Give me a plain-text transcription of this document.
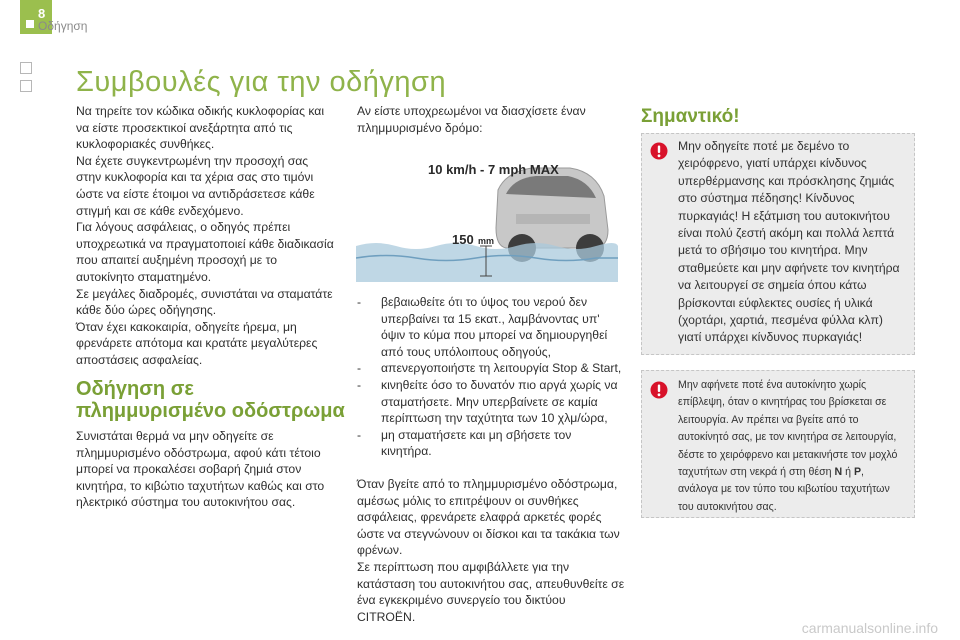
8
Οδήγηση
Συμβουλές για την οδήγηση

Να τηρείτε τον κώδικα οδικής κυκλοφορίας και να είστε προσεκτικοί ανεξάρτητα από τις κυκλοφοριακές συνθήκες.

Να έχετε συγκεντρωμένη την προσοχή σας στην κυκλοφορία και τα χέρια σας στο τιμόνι ώστε να είστε έτοιμοι να αντιδράσετεσε κάθε στιγμή και σε κάθε ενδεχόμενο.

Για λόγους ασφάλειας, ο οδηγός πρέπει υποχρεωτικά να πραγματοποιεί κάθε διαδικασία που απαιτεί αυξημένη προσοχή με το αυτοκίνητο σταματημένο.

Σε μεγάλες διαδρομές, συνιστάται να σταματάτε κάθε δύο ώρες οδήγησης.

Όταν έχει κακοκαιρία, οδηγείτε ήρεμα, μη φρενάρετε απότομα και κρατάτε μεγαλύτερες αποστάσεις ασφαλείας.

Οδήγηση σε

πλημμυρισμένο οδόστρωμα

Συνιστάται θερμά να μην οδηγείτε σε πλημμυρισμένο οδόστρωμα, αφού κάτι τέτοιο μπορεί να προκαλέσει σοβαρή ζημιά στον κινητήρα, το κιβώτιο ταχυτήτων καθώς και στο ηλεκτρικό σύστημα του αυτοκινήτου σας.

Αν είστε υποχρεωμένοι να διασχίσετε έναν πλημμυρισμένο δρόμο:

10 km/h - 7 mph MAX
150 mm
- βεβαιωθείτε ότι το ύψος του νερού δεν υπερβαίνει τα 15 εκατ., λαμβάνοντας υπ' όψιν το κύμα που μπορεί να δημιουργηθεί από τους υπόλοιπους οδηγούς,
- απενεργοποιήστε τη λειτουργία Stop & Start,
- κινηθείτε όσο το δυνατόν πιο αργά χωρίς να σταματήσετε. Μην υπερβαίνετε σε καμία περίπτωση την ταχύτητα των 10 χλμ/ώρα,
- μη σταματήσετε και μη σβήσετε τον κινητήρα.

Όταν βγείτε από το πλημμυρισμένο οδόστρωμα, αμέσως μόλις το επιτρέψουν οι συνθήκες ασφάλειας, φρενάρετε ελαφρά αρκετές φορές ώστε να στεγνώνουν οι δίσκοι και τα τακάκια των φρένων.

Σε περίπτωση που αμφιβάλλετε για την κατάσταση του αυτοκινήτου σας, απευθυνθείτε σε ένα εγκεκριμένο συνεργείο του δικτύου CITROËN.

Σημαντικό!

Μην οδηγείτε ποτέ με δεμένο το χειρόφρενο, γιατί υπάρχει κίνδυνος υπερθέρμανσης και πρόσκλησης ζημιάς στο σύστημα πέδησης! Κίνδυνος πυρκαγιάς! Η εξάτμιση του αυτοκινήτου είναι πολύ ζεστή ακόμη και πολλά λεπτά μετά το σβήσιμο του κινητήρα. Μην σταθμεύετε και μην αφήνετε τον κινητήρα να λειτουργεί σε σημεία όπου κάτω βρίσκονται εύφλεκτες ουσίες ή υλικά (χορτάρι, χαρτιά, πεσμένα φύλλα κλπ) γιατί υπάρχει κίνδυνος πυρκαγιάς!

Μην αφήνετε ποτέ ένα αυτοκίνητο χωρίς επίβλεψη, όταν ο κινητήρας του βρίσκεται σε λειτουργία. Αν πρέπει να βγείτε από το αυτοκίνητό σας, με τον κινητήρα σε λειτουργία, δέστε το χειρόφρενο και μετακινήστε τον μοχλό ταχυτήτων στη νεκρά ή στη θέση N ή P, ανάλογα με τον τύπο του κιβωτίου ταχυτήτων του αυτοκινήτου σας.

carmanualsonline.info
